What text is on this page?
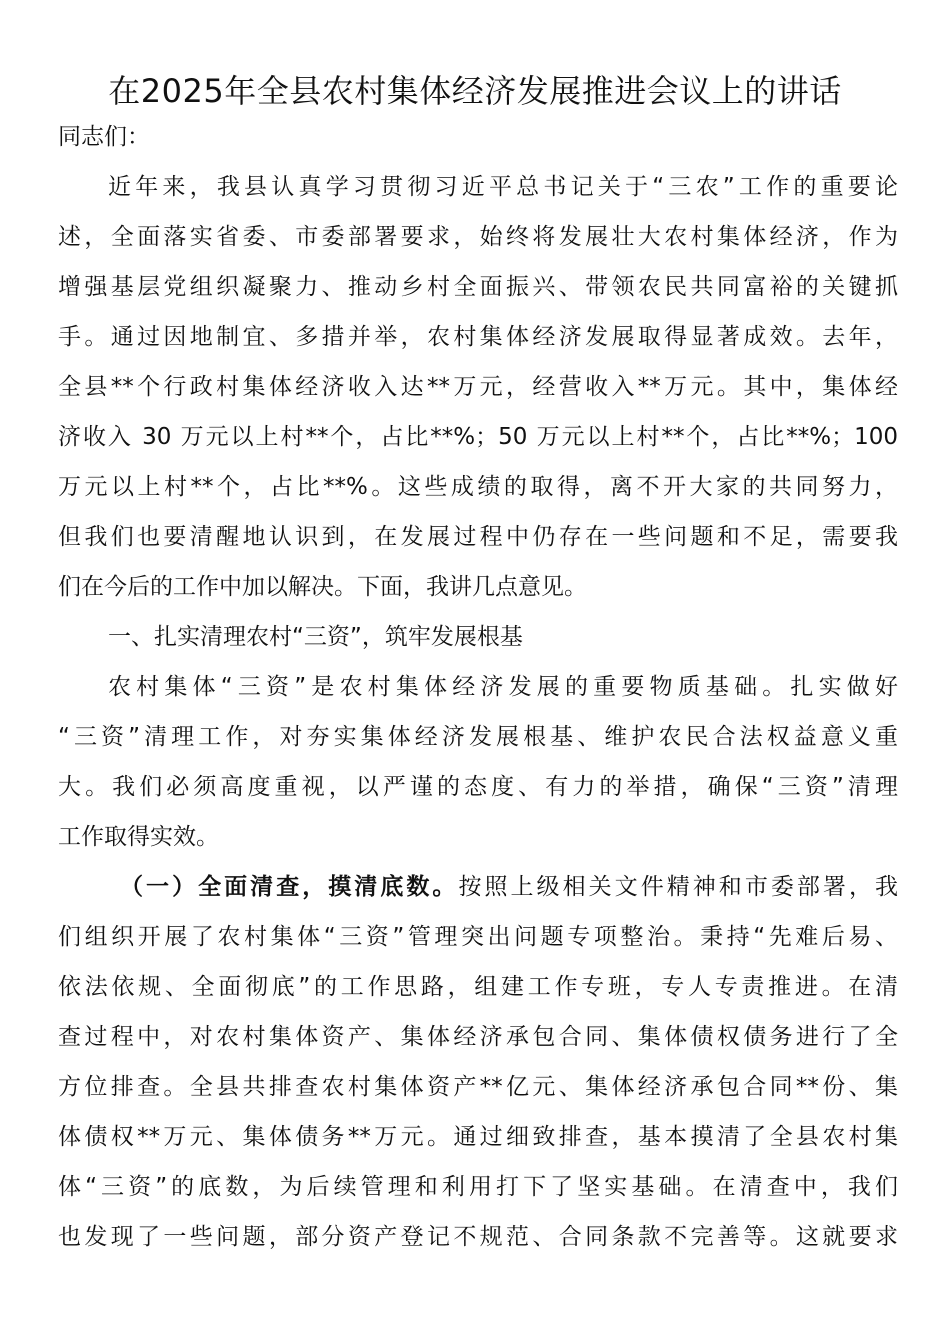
在2025年全县农村集体经济发展推进会议上的讲话
同志们：
近年来，我县认真学习贯彻习近平总书记关于“三农”工作的重要论
述，全面落实省委、市委部署要求，始终将发展壮大农村集体经济，作为
增强基层党组织凝聚力、推动乡村全面振兴、带领农民共同富裕的关键抓
手。通过因地制宜、多措并举，农村集体经济发展取得显著成效。去年，
全县**个行政村集体经济收入达**万元，经营收入**万元。其中，集体经
济收入 30 万元以上村**个，占比**%；50 万元以上村**个，占比**%；100
万元以上村**个，占比**%。这些成绩的取得，离不开大家的共同努力，
但我们也要清醒地认识到，在发展过程中仍存在一些问题和不足，需要我
们在今后的工作中加以解决。下面，我讲几点意见。
一、扎实清理农村“三资”，筑牢发展根基
农村集体“三资”是农村集体经济发展的重要物质基础。扎实做好
“三资”清理工作，对夯实集体经济发展根基、维护农民合法权益意义重
大。我们必须高度重视，以严谨的态度、有力的举措，确保“三资”清理
工作取得实效。
（一）全面清查，摸清底数。按照上级相关文件精神和市委部署，我
们组织开展了农村集体“三资”管理突出问题专项整治。秉持“先难后易、
依法依规、全面彻底”的工作思路，组建工作专班，专人专责推进。在清
查过程中，对农村集体资产、集体经济承包合同、集体债权债务进行了全
方位排查。全县共排查农村集体资产**亿元、集体经济承包合同**份、集
体债权**万元、集体债务**万元。通过细致排查，基本摸清了全县农村集
体“三资”的底数，为后续管理和利用打下了坚实基础。在清查中，我们
也发现了一些问题，部分资产登记不规范、合同条款不完善等。这就要求
